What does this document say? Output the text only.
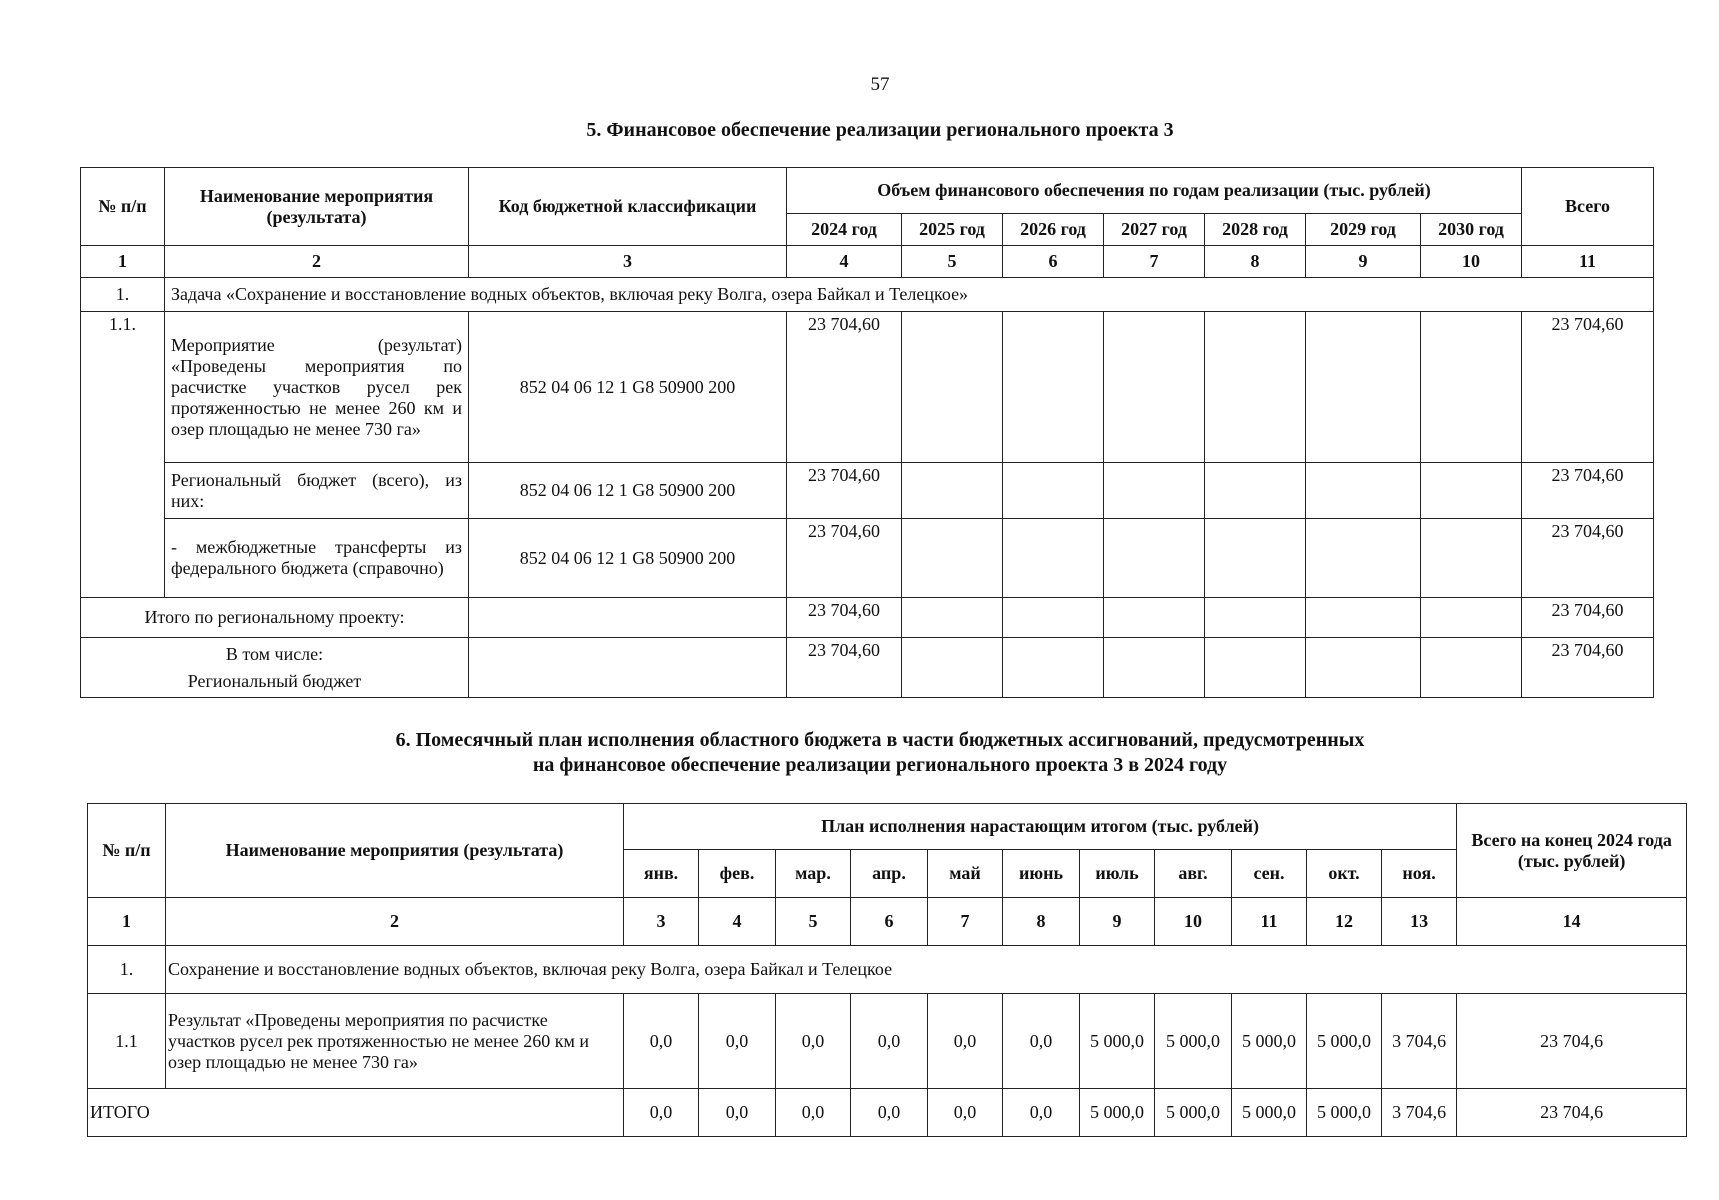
57
5. Финансовое обеспечение реализации регионального проекта 3
№ п/п	Наименование мероприятия (результата)	Код бюджетной классификации	Объем финансового обеспечения по годам реализации (тыс. рублей)							Всего
			2024 год	2025 год	2026 год	2027 год	2028 год	2029 год	2030 год	
1	2	3	4	5	6	7	8	9	10	11
1.	Задача «Сохранение и восстановление водных объектов, включая реку Волга, озера Байкал и Телецкое»									
1.1.	Мероприятие (результат) «Проведены мероприятия по расчистке участков русел рек протяженностью не менее 260 км и озер площадью не менее 730 га»	852 04 06 12 1 G8 50900 200	23 704,60							23 704,60
	Региональный бюджет (всего), из них:	852 04 06 12 1 G8 50900 200	23 704,60							23 704,60
	- межбюджетные трансферты из федерального бюджета (справочно)	852 04 06 12 1 G8 50900 200	23 704,60							23 704,60
Итого по региональному проекту:			23 704,60							23 704,60

В том числе:
Региональный бюджет			23 704,60							23 704,60
6. Помесячный план исполнения областного бюджета в части бюджетных ассигнований, предусмотренных
на финансовое обеспечение реализации регионального проекта 3 в 2024 году
№ п/п	Наименование мероприятия (результата)	План исполнения нарастающим итогом (тыс. рублей)											Всего на конец 2024 года (тыс. рублей)
		янв.	фев.	мар.	апр.	май	июнь	июль	авг.	сен.	окт.	ноя.	
1	2	3	4	5	6	7	8	9	10	11	12	13	14
1.	Сохранение и восстановление водных объектов, включая реку Волга, озера Байкал и Телецкое												
1.1	Результат «Проведены мероприятия по расчистке участков русел рек протяженностью не менее 260 км и озер площадью не менее 730 га»	0,0	0,0	0,0	0,0	0,0	0,0	5 000,0	5 000,0	5 000,0	5 000,0	3 704,6	23 704,6
ИТОГО		0,0	0,0	0,0	0,0	0,0	0,0	5 000,0	5 000,0	5 000,0	5 000,0	3 704,6	23 704,6
